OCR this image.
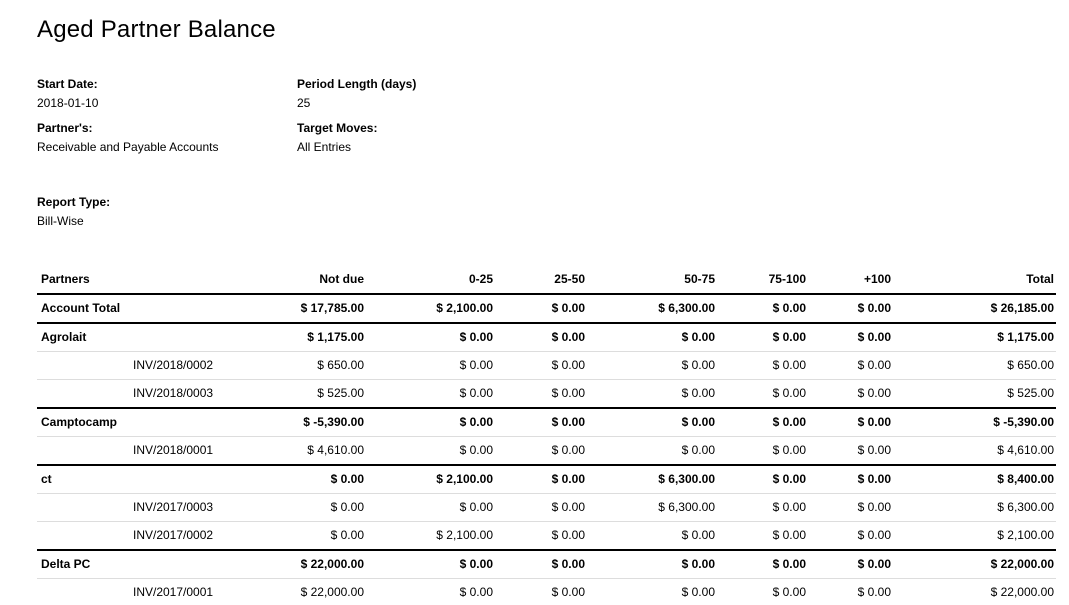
Aged Partner Balance
Start Date:
2018-01-10
Period Length (days)
25
Partner's:
Receivable and Payable Accounts
Target Moves:
All Entries
Report Type:
Bill-Wise
Partners	Not due	0-25	25-50	50-75	75-100	+100	Total
Account Total	$ 17,785.00	$ 2,100.00	$ 0.00	$ 6,300.00	$ 0.00	$ 0.00	$ 26,185.00
Agrolait	$ 1,175.00	$ 0.00	$ 0.00	$ 0.00	$ 0.00	$ 0.00	$ 1,175.00
INV/2018/0002	$ 650.00	$ 0.00	$ 0.00	$ 0.00	$ 0.00	$ 0.00	$ 650.00
INV/2018/0003	$ 525.00	$ 0.00	$ 0.00	$ 0.00	$ 0.00	$ 0.00	$ 525.00
Camptocamp	$ -5,390.00	$ 0.00	$ 0.00	$ 0.00	$ 0.00	$ 0.00	$ -5,390.00
INV/2018/0001	$ 4,610.00	$ 0.00	$ 0.00	$ 0.00	$ 0.00	$ 0.00	$ 4,610.00
ct	$ 0.00	$ 2,100.00	$ 0.00	$ 6,300.00	$ 0.00	$ 0.00	$ 8,400.00
INV/2017/0003	$ 0.00	$ 0.00	$ 0.00	$ 6,300.00	$ 0.00	$ 0.00	$ 6,300.00
INV/2017/0002	$ 0.00	$ 2,100.00	$ 0.00	$ 0.00	$ 0.00	$ 0.00	$ 2,100.00
Delta PC	$ 22,000.00	$ 0.00	$ 0.00	$ 0.00	$ 0.00	$ 0.00	$ 22,000.00
INV/2017/0001	$ 22,000.00	$ 0.00	$ 0.00	$ 0.00	$ 0.00	$ 0.00	$ 22,000.00
